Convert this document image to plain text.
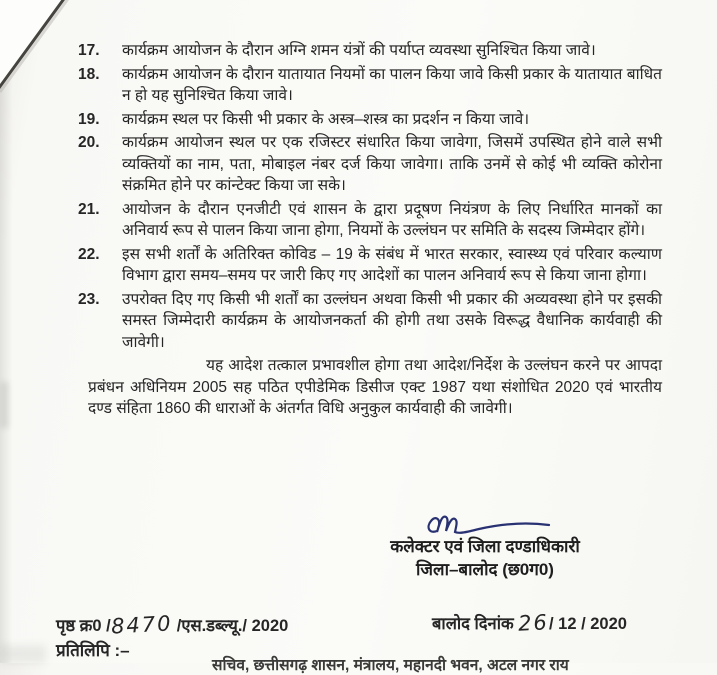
17.	कार्यक्रम आयोजन के दौरान अग्नि शमन यंत्रों की पर्याप्त व्यवस्था सुनिश्चित किया जावे।
18.	कार्यक्रम आयोजन के दौरान यातायात नियमों का पालन किया जावे किसी प्रकार के यातायात बाधित न हो यह सुनिश्चित किया जावे।
19.	कार्यक्रम स्थल पर किसी भी प्रकार के अस्त्र–शस्त्र का प्रदर्शन न किया जावे।
20.	कार्यक्रम आयोजन स्थल पर एक रजिस्टर संधारित किया जावेगा, जिसमें उपस्थित होने वाले सभी व्यक्तियों का नाम, पता, मोबाइल नंबर दर्ज किया जावेगा। ताकि उनमें से कोई भी व्यक्ति कोरोना संक्रमित होने पर कांन्टेक्ट किया जा सके।
21.	आयोजन के दौरान एनजीटी एवं शासन के द्वारा प्रदूषण नियंत्रण के लिए निर्धारित मानकों का अनिवार्य रूप से पालन किया जाना होगा, नियमों के उल्लंघन पर समिति के सदस्य जिम्मेदार होंगे।
22.	इस सभी शर्तों के अतिरिक्त कोविड – 19 के संबंध में भारत सरकार, स्वास्थ्य एवं परिवार कल्याण विभाग द्वारा समय–समय पर जारी किए गए आदेशों का पालन अनिवार्य रूप से किया जाना होगा।
23.	उपरोक्त दिए गए किसी भी शर्तों का उल्लंघन अथवा किसी भी प्रकार की अव्यवस्था होने पर इसकी समस्त जिम्मेदारी कार्यक्रम के आयोजनकर्ता की होगी तथा उसके विरूद्ध वैधानिक कार्यवाही की जावेगी।

यह आदेश तत्काल प्रभावशील होगा तथा आदेश/निर्देश के उल्लंघन करने पर आपदा प्रबंधन अधिनियम 2005 सह पठित एपीडेमिक डिसीज एक्ट 1987 यथा संशोधित 2020 एवं भारतीय दण्ड संहिता 1860 की धाराओं के अंतर्गत विधि अनुकुल कार्यवाही की जावेगी।

कलेक्टर एवं जिला दण्डाधिकारी
जिला–बालोद (छ0ग0)
पृष्ठ क्र0 /8470 /एस.डब्ल्यू./ 2020	बालोद दिनांक 26/ 12 / 2020
प्रतिलिपि :–
सचिव, छत्तीसगढ़ शासन, मंत्रालय, महानदी भवन, अटल नगर राय
